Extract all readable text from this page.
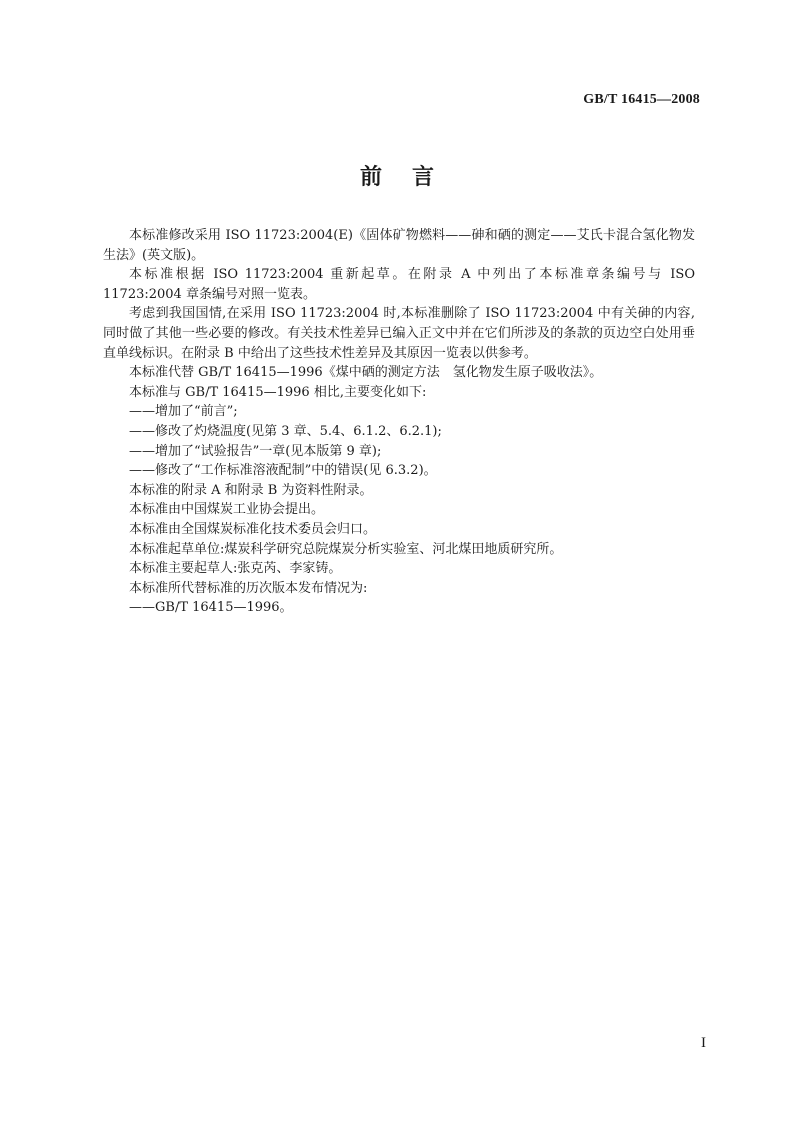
GB/T 16415—2008
前言

本标准修改采用 ISO 11723:2004(E)《固体矿物燃料——砷和硒的测定——艾氏卡混合氢化物发生法》(英文版)。

本标准根据 ISO 11723:2004 重新起草。在附录 A 中列出了本标准章条编号与 ISO 11723:2004 章条编号对照一览表。

考虑到我国国情,在采用 ISO 11723:2004 时,本标准删除了 ISO 11723:2004 中有关砷的内容,同时做了其他一些必要的修改。有关技术性差异已编入正文中并在它们所涉及的条款的页边空白处用垂直单线标识。在附录 B 中给出了这些技术性差异及其原因一览表以供参考。

本标准代替 GB/T 16415—1996《煤中硒的测定方法　氢化物发生原子吸收法》。

本标准与 GB/T 16415—1996 相比,主要变化如下:

——增加了“前言”;

——修改了灼烧温度(见第 3 章、5.4、6.1.2、6.2.1);

——增加了“试验报告”一章(见本版第 9 章);

——修改了“工作标准溶液配制”中的错误(见 6.3.2)。

本标准的附录 A 和附录 B 为资料性附录。

本标准由中国煤炭工业协会提出。

本标准由全国煤炭标准化技术委员会归口。

本标准起草单位:煤炭科学研究总院煤炭分析实验室、河北煤田地质研究所。

本标准主要起草人:张克芮、李家铸。

本标准所代替标准的历次版本发布情况为:

——GB/T 16415—1996。

I
